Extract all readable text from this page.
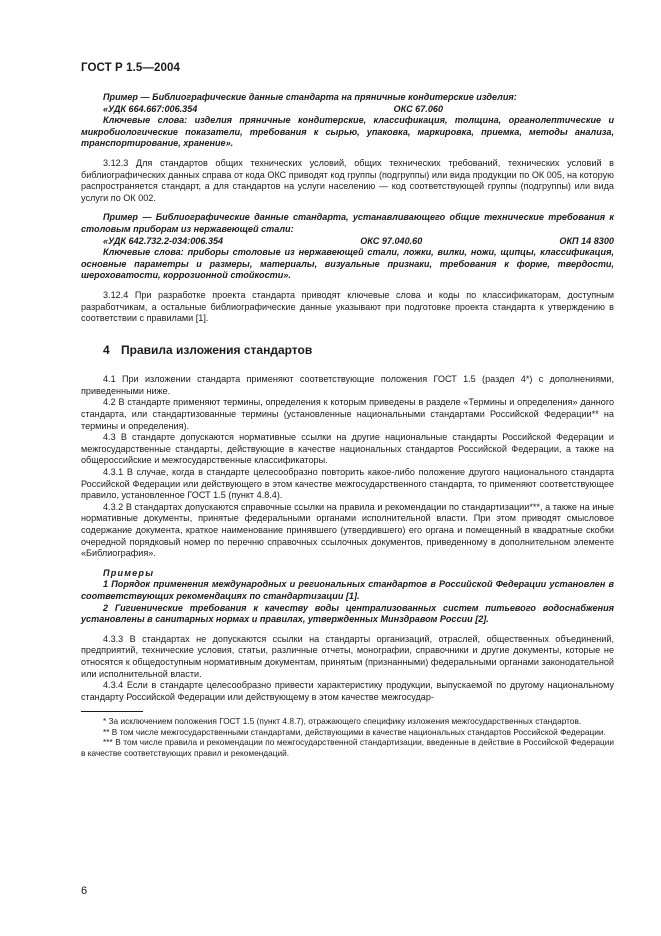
ГОСТ Р 1.5—2004

Пример — Библиографические данные стандарта на пряничные кондитерские изделия:

«УДК 664.667:006.354	ОКС 67.060

Ключевые слова: изделия пряничные кондитерские, классификация, толщина, органолептические и микробиологические показатели, требования к сырью, упаковка, маркировка, приемка, методы анализа, транспортирование, хранение».

3.12.3 Для стандартов общих технических условий, общих технических требований, технических условий в библиографических данных справа от кода ОКС приводят код группы (подгруппы) или вида продукции по ОК 005, на которую распространяется стандарт, а для стандартов на услуги населению — код соответствующей группы (подгруппы) или вида услуги по ОК 002.

Пример — Библиографические данные стандарта, устанавливающего общие технические требования к столовым приборам из нержавеющей стали:

«УДК 642.732.2-034:006.354	ОКС 97.040.60	ОКП 14 8300

Ключевые слова: приборы столовые из нержавеющей стали, ложки, вилки, ножи, щипцы, классификация, основные параметры и размеры, материалы, визуальные признаки, требования к форме, твердости, шероховатости, коррозионной стойкости».

3.12.4 При разработке проекта стандарта приводят ключевые слова и коды по классификаторам, доступным разработчикам, а остальные библиографические данные указывают при подготовке проекта стандарта к утверждению в соответствии с правилами [1].

4 Правила изложения стандартов

4.1 При изложении стандарта применяют соответствующие положения ГОСТ 1.5 (раздел 4*) с дополнениями, приведенными ниже.

4.2 В стандарте применяют термины, определения к которым приведены в разделе «Термины и определения» данного стандарта, или стандартизованные термины (установленные национальными стандартами Российской Федерации** на термины и определения).

4.3 В стандарте допускаются нормативные ссылки на другие национальные стандарты Российской Федерации и межгосударственные стандарты, действующие в качестве национальных стандартов Российской Федерации, а также на общероссийские и межгосударственные классификаторы.

4.3.1 В случае, когда в стандарте целесообразно повторить какое-либо положение другого национального стандарта Российской Федерации или действующего в этом качестве межгосударственного стандарта, то применяют соответствующее правило, установленное ГОСТ 1.5 (пункт 4.8.4).

4.3.2 В стандартах допускаются справочные ссылки на правила и рекомендации по стандартизации***, а также на иные нормативные документы, принятые федеральными органами исполнительной власти. При этом приводят смысловое содержание документа, краткое наименование принявшего (утвердившего) его органа и помещенный в квадратные скобки очередной порядковый номер по перечню справочных ссылочных документов, приведенному в дополнительном элементе «Библиография».

Примеры

1 Порядок применения международных и региональных стандартов в Российской Федерации установлен в соответствующих рекомендациях по стандартизации [1].

2 Гигиенические требования к качеству воды централизованных систем питьевого водоснабжения установлены в санитарных нормах и правилах, утвержденных Минздравом России [2].

4.3.3 В стандартах не допускаются ссылки на стандарты организаций, отраслей, общественных объединений, предприятий, технические условия, статьи, различные отчеты, монографии, справочники и другие документы, которые не относятся к общедоступным нормативным документам, принятым (признанными) федеральными органами законодательной или исполнительной власти.

4.3.4 Если в стандарте целесообразно привести характеристику продукции, выпускаемой по другому национальному стандарту Российской Федерации или действующему в этом качестве межгосудар-

* За исключением положения ГОСТ 1.5 (пункт 4.8.7), отражающего специфику изложения межгосударственных стандартов.

** В том числе межгосударственными стандартами, действующими в качестве национальных стандартов Российской Федерации.

*** В том числе правила и рекомендации по межгосударственной стандартизации, введенные в действие в Российской Федерации в качестве соответствующих правил и рекомендаций.

6
